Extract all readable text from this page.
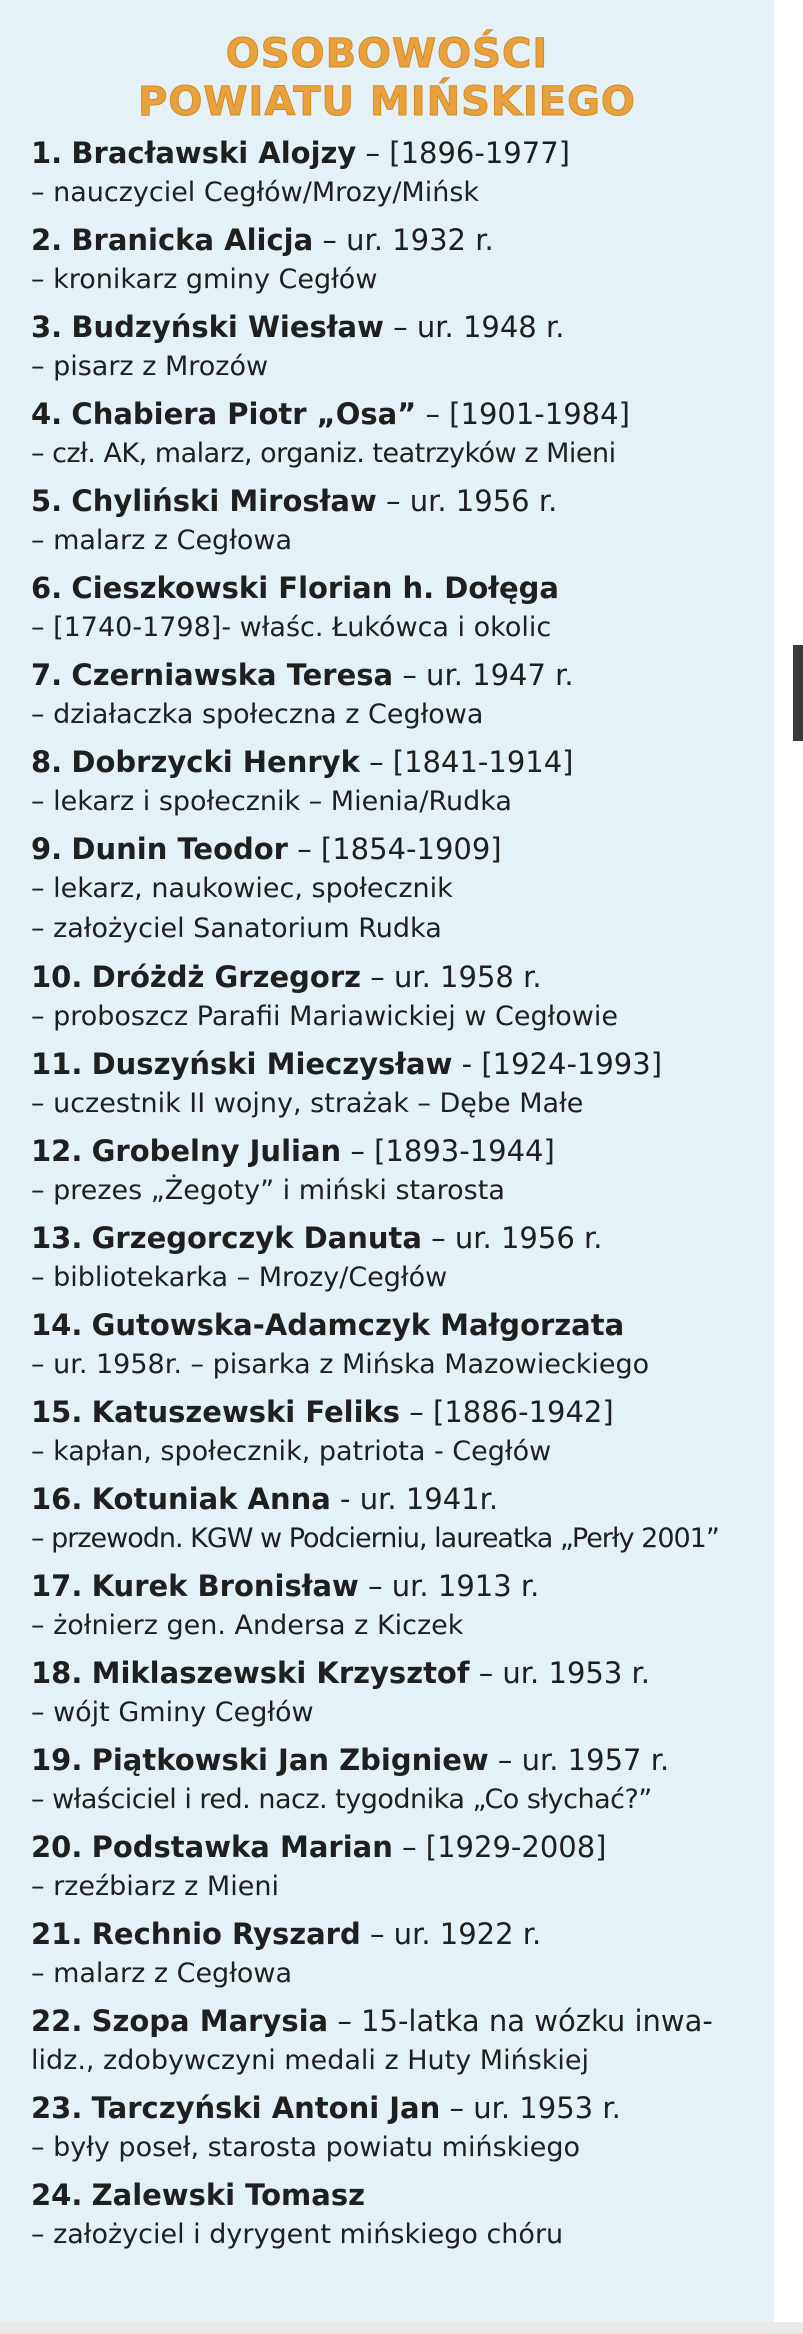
OSOBOWOŚCI
POWIATU MIŃSKIEGO
1. Bracławski Alojzy – [1896-1977]
– nauczyciel Cegłów/Mrozy/Mińsk
2. Branicka Alicja – ur. 1932 r.
– kronikarz gminy Cegłów
3. Budzyński Wiesław – ur. 1948 r.
– pisarz z Mrozów
4. Chabiera Piotr „Osa” – [1901-1984]
– czł. AK, malarz, organiz. teatrzyków z Mieni
5. Chyliński Mirosław – ur. 1956 r.
– malarz z Cegłowa
6. Cieszkowski Florian h. Dołęga
– [1740-1798]- właśc. Łukówca i okolic
7. Czerniawska Teresa – ur. 1947 r.
– działaczka społeczna z Cegłowa
8. Dobrzycki Henryk – [1841-1914]
– lekarz i społecznik – Mienia/Rudka
9. Dunin Teodor – [1854-1909]
– lekarz, naukowiec, społecznik
– założyciel Sanatorium Rudka
10. Dróżdż Grzegorz – ur. 1958 r.
– proboszcz Parafii Mariawickiej w Cegłowie
11. Duszyński Mieczysław - [1924-1993]
– uczestnik II wojny, strażak – Dębe Małe
12. Grobelny Julian – [1893-1944]
– prezes „Żegoty” i miński starosta
13. Grzegorczyk Danuta – ur. 1956 r.
– bibliotekarka – Mrozy/Cegłów
14. Gutowska-Adamczyk Małgorzata
– ur. 1958r. – pisarka z Mińska Mazowieckiego
15. Katuszewski Feliks – [1886-1942]
– kapłan, społecznik, patriota - Cegłów
16. Kotuniak Anna - ur. 1941r.
– przewodn. KGW w Podcierniu, laureatka „Perły 2001”
17. Kurek Bronisław – ur. 1913 r.
– żołnierz gen. Andersa z Kiczek
18. Miklaszewski Krzysztof – ur. 1953 r.
– wójt Gminy Cegłów
19. Piątkowski Jan Zbigniew – ur. 1957 r.
– właściciel i red. nacz. tygodnika „Co słychać?”
20. Podstawka Marian – [1929-2008]
– rzeźbiarz z Mieni
21. Rechnio Ryszard – ur. 1922 r.
– malarz z Cegłowa
22. Szopa Marysia – 15-latka na wózku inwa-
lidz., zdobywczyni medali z Huty Mińskiej
23. Tarczyński Antoni Jan – ur. 1953 r.
– były poseł, starosta powiatu mińskiego
24. Zalewski Tomasz
– założyciel i dyrygent mińskiego chóru
